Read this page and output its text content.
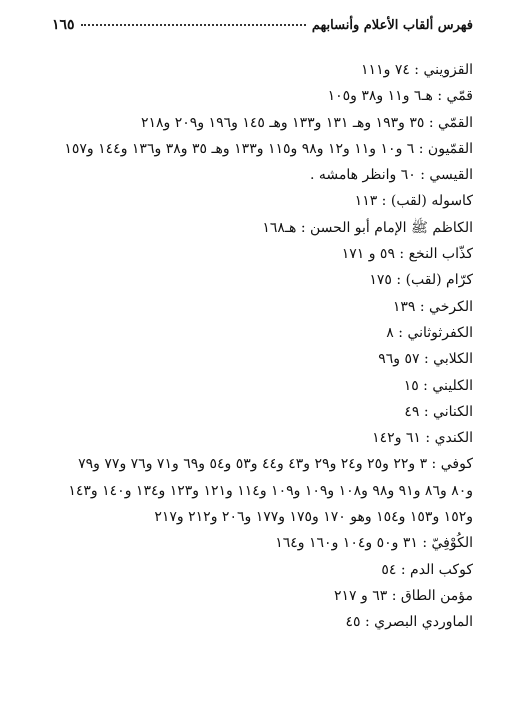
فهرس ألقاب الأعلام وأنسابهم
١٦٥
القزويني : ٧٤ و١١١
قمّي : هـ٦ و١١ و٣٨ و١٠٥
القمّي : ٣٥ و١٩٣ وهـ ١٣١ و١٣٣ وهـ ١٤٥ و١٩٦ و٢٠٩ و٢١٨
القمّيون : ٦ و١٠ و١١ و١٢ و٩٨ و١١٥ و١٣٣ وهـ ٣٥ و٣٨ و١٣٦ و١٤٤ و١٥٧
القيسي : ٦٠ وانظر هامشه .
كاسوله (لقب) : ١١٣
الكاظم ﷺ الإمام أبو الحسن : هـ١٦٨
كذّاب النخع : ٥٩ و ١٧١
كرّام (لقب) : ١٧٥
الكرخي : ١٣٩
الكفرثوثاني : ٨
الكلابي : ٥٧ و٩٦
الكليني : ١٥
الكناني : ٤٩
الكندي : ٦١ و١٤٢
كوفي : ٣ و٢٢ و٢٥ و٢٤ و٢٩ و٤٣ و٤٤ و٥٣ و٥٤ و٦٩ و٧١ و٧٦ و٧٧ و٧٩
و٨٠ و٨٦ و٩١ و٩٨ و١٠٨ و١٠٩ و١٠٩ و١١٤ و١٢١ و١٢٣ و١٣٤ و١٤٠ و١٤٣
و١٥٢ و١٥٣ و١٥٤ وهو ١٧٠ و١٧٥ و١٧٧ و٢٠٦ و٢١٢ و٢١٧
الكُوْفِيّ : ٣١ و٥٠ و١٠٤ و١٦٠ و١٦٤
كوكب الدم : ٥٤
مؤمن الطاق : ٦٣ و ٢١٧
الماوردي البصري : ٤٥
